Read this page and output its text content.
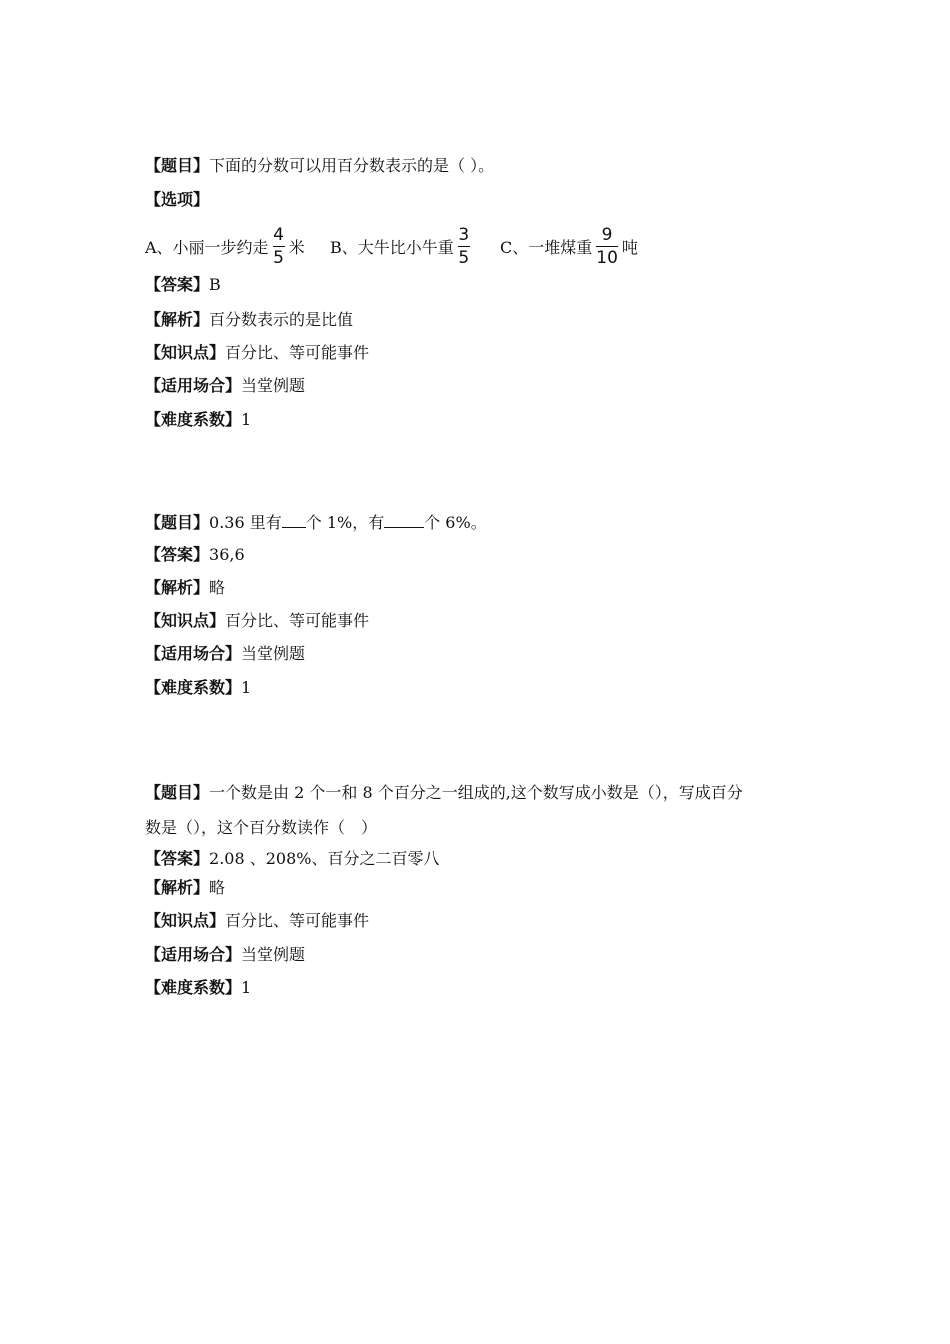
【题目】下面的分数可以用百分数表示的是（ ）。
【选项】
A、小丽一步约走 $\frac{4}{5}$ 米 B、大牛比小牛重 $\frac{3}{5}$ C、一堆煤重 $\frac{9}{10}$ 吨
【答案】B
【解析】百分数表示的是比值
【知识点】百分比、等可能事件
【适用场合】当堂例题
【难度系数】1
【题目】0.36 里有 个 1%，有	个 6%。
【答案】36,6
【解析】略
【知识点】百分比、等可能事件
【适用场合】当堂例题
【难度系数】1
【题目】一个数是由 2 个一和 8 个百分之一组成的,这个数写成小数是（），写成百分
数是（），这个百分数读作（　）
【答案】2.08 、208%、百分之二百零八
【解析】略
【知识点】百分比、等可能事件
【适用场合】当堂例题
【难度系数】1
